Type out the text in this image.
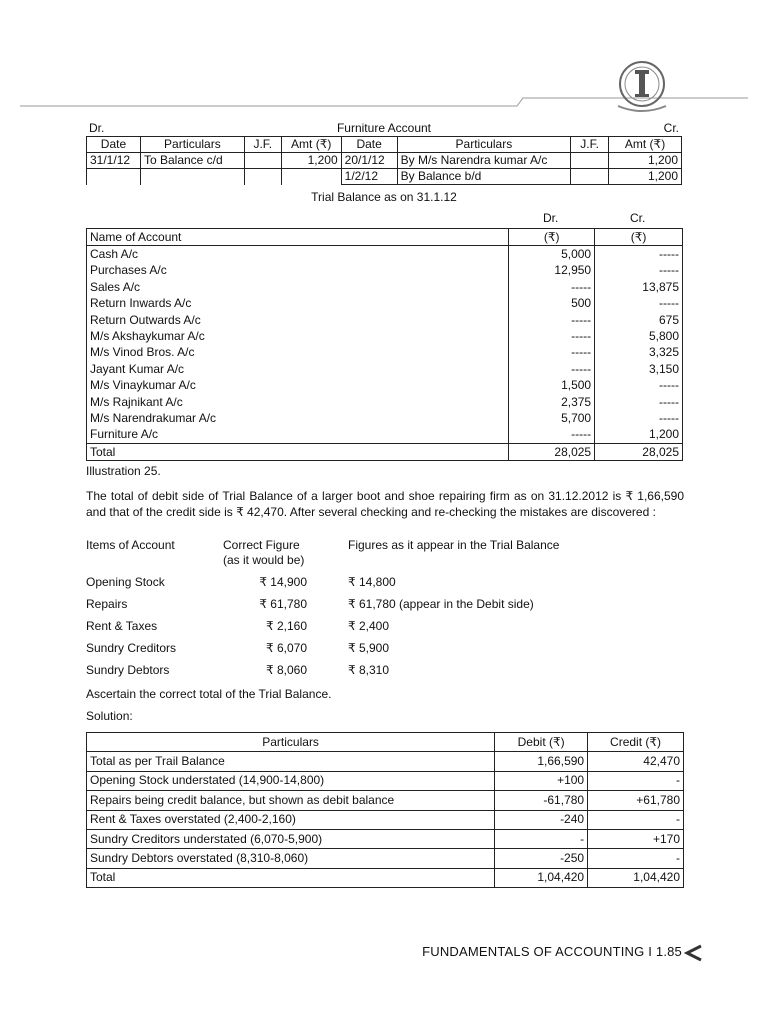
Dr.	Furniture Account	Cr.
Date	Particulars	J.F.	Amt (₹)	Date	Particulars	J.F.	Amt (₹)
31/1/12	To Balance c/d		1,200	20/1/12	By M/s Narendra kumar A/c		1,200
				1/2/12	By Balance b/d		1,200
Trial Balance as on 31.1.12
Dr.	Cr.
Name of Account	(₹)	(₹)
Cash A/c	5,000	-----
Purchases A/c	12,950	-----
Sales A/c	-----	13,875
Return Inwards A/c	500	-----
Return Outwards A/c	-----	675
M/s Akshaykumar A/c	-----	5,800
M/s Vinod Bros. A/c	-----	3,325
Jayant Kumar A/c	-----	3,150
M/s Vinaykumar A/c	1,500	-----
M/s Rajnikant A/c	2,375	-----
M/s Narendrakumar A/c	5,700	-----
Furniture A/c	-----	1,200
Total	28,025	28,025
Illustration 25.
The total of debit side of Trial Balance of a larger boot and shoe repairing firm as on 31.12.2012 is ₹ 1,66,590 and that of the credit side is ₹ 42,470. After several checking and re-checking the mistakes are discovered :
Items of Account	Correct Figure	Figures as it appear in the Trial Balance
(as it would be)
Opening Stock	₹ 14,900	₹ 14,800
Repairs	₹ 61,780	₹ 61,780 (appear in the Debit side)
Rent & Taxes	₹ 2,160	₹ 2,400
Sundry Creditors	₹ 6,070	₹ 5,900
Sundry Debtors	₹ 8,060	₹ 8,310
Ascertain the correct total of the Trial Balance.
Solution:
Particulars	Debit (₹)	Credit (₹)
Total as per Trail Balance	1,66,590	42,470
Opening Stock understated (14,900-14,800)	+100	-
Repairs being credit balance, but shown as debit balance	-61,780	+61,780
Rent & Taxes overstated (2,400-2,160)	-240	-
Sundry Creditors understated (6,070-5,900)	-	+170
Sundry Debtors overstated (8,310-8,060)	-250	-
Total	1,04,420	1,04,420
FUNDAMENTALS OF ACCOUNTING I 1.85
